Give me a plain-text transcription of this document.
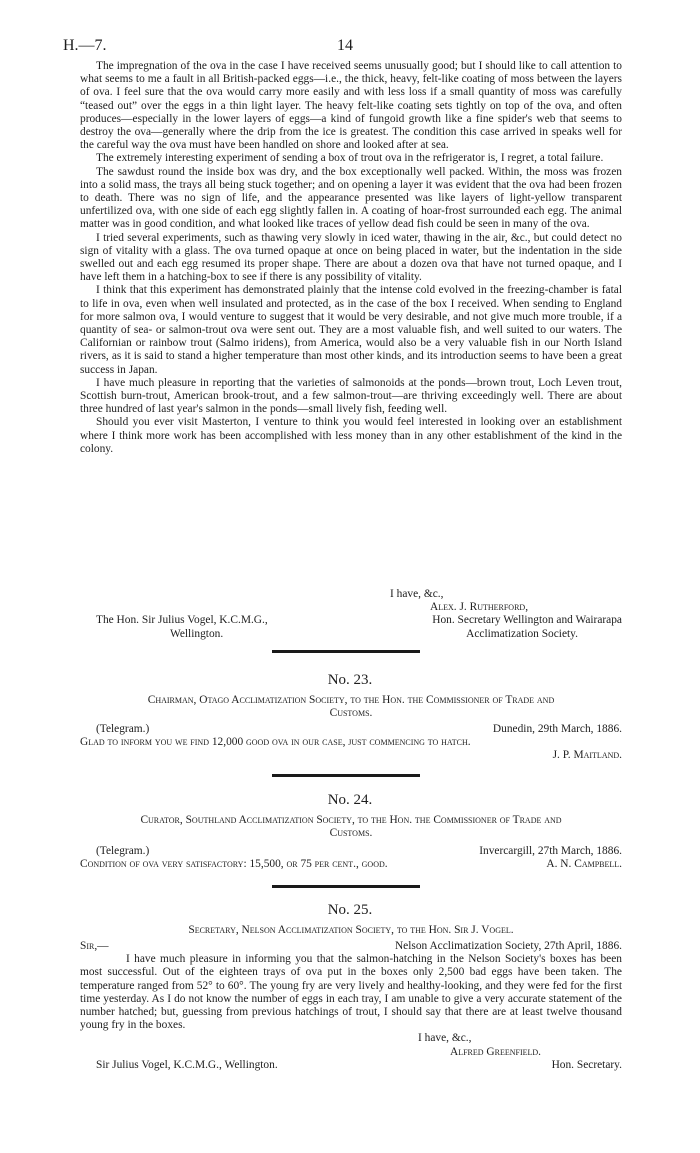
H.—7.	14

The impregnation of the ova in the case I have received seems unusually good; but I should like to call attention to what seems to me a fault in all British-packed eggs—i.e., the thick, heavy, felt-like coating of moss between the layers of ova. I feel sure that the ova would carry more easily and with less loss if a small quantity of moss was carefully “teased out” over the eggs in a thin light layer. The heavy felt-like coating sets tightly on top of the ova, and often produces—especially in the lower layers of eggs—a kind of fungoid growth like a fine spider's web that seems to destroy the ova—generally where the drip from the ice is greatest. The condition this case arrived in speaks well for the careful way the ova must have been handled on shore and looked after at sea.

The extremely interesting experiment of sending a box of trout ova in the refrigerator is, I regret, a total failure.

The sawdust round the inside box was dry, and the box exceptionally well packed. Within, the moss was frozen into a solid mass, the trays all being stuck together; and on opening a layer it was evident that the ova had been frozen to death. There was no sign of life, and the appearance presented was like layers of light-yellow transparent unfertilized ova, with one side of each egg slightly fallen in. A coating of hoar-frost surrounded each egg. The animal matter was in good condition, and what looked like traces of yellow dead fish could be seen in many of the ova.

I tried several experiments, such as thawing very slowly in iced water, thawing in the air, &c., but could detect no sign of vitality with a glass. The ova turned opaque at once on being placed in water, but the indentation in the side swelled out and each egg resumed its proper shape. There are about a dozen ova that have not turned opaque, and I have left them in a hatching-box to see if there is any possibility of vitality.

I think that this experiment has demonstrated plainly that the intense cold evolved in the freezing-chamber is fatal to life in ova, even when well insulated and protected, as in the case of the box I received. When sending to England for more salmon ova, I would venture to suggest that it would be very desirable, and not give much more trouble, if a quantity of sea- or salmon-trout ova were sent out. They are a most valuable fish, and well suited to our waters. The Californian or rainbow trout (Salmo iridens), from America, would also be a very valuable fish in our North Island rivers, as it is said to stand a higher temperature than most other kinds, and its introduction seems to have been a great success in Japan.

I have much pleasure in reporting that the varieties of salmonoids at the ponds—brown trout, Loch Leven trout, Scottish burn-trout, American brook-trout, and a few salmon-trout—are thriving exceedingly well. There are about three hundred of last year's salmon in the ponds—small lively fish, feeding well.

Should you ever visit Masterton, I venture to think you would feel interested in looking over an establishment where I think more work has been accomplished with less money than in any other establishment of the kind in the colony.

I have, &c.,
Alex. J. Rutherford,
The Hon. Sir Julius Vogel, K.C.M.G.,	Hon. Secretary Wellington and Wairarapa
Wellington.	Acclimatization Society.
No. 23.
Chairman, Otago Acclimatization Society, to the Hon. the Commissioner of Trade and
Customs.
(Telegram.)	Dunedin, 29th March, 1886.
Glad to inform you we find 12,000 good ova in our case, just commencing to hatch.
J. P. Maitland.
No. 24.
Curator, Southland Acclimatization Society, to the Hon. the Commissioner of Trade and
Customs.
(Telegram.)	Invercargill, 27th March, 1886.
Condition of ova very satisfactory: 15,500, or 75 per cent., good.	A. N. Campbell.
No. 25.
Secretary, Nelson Acclimatization Society, to the Hon. Sir J. Vogel.
Sir,—	Nelson Acclimatization Society, 27th April, 1886.

I have much pleasure in informing you that the salmon-hatching in the Nelson Society's boxes has been most successful. Out of the eighteen trays of ova put in the boxes only 2,500 bad eggs have been taken. The temperature ranged from 52° to 60°. The young fry are very lively and healthy-looking, and they were fed for the first time yesterday. As I do not know the number of eggs in each tray, I am unable to give a very accurate statement of the number hatched; but, guessing from previous hatchings of trout, I should say that there are at least twelve thousand young fry in the boxes.

I have, &c.,
Alfred Greenfield.
Sir Julius Vogel, K.C.M.G., Wellington.	Hon. Secretary.
